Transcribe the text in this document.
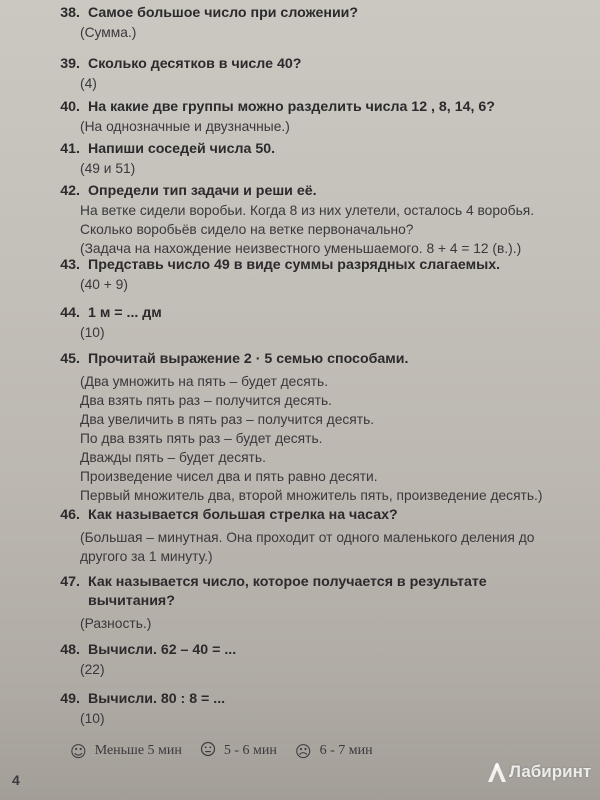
38. Самое большое число при сложении?
(Сумма.)
39. Сколько десятков в числе 40?
(4)
40. На какие две группы можно разделить числа 12 , 8, 14, 6?
(На однозначные и двузначные.)
41. Напиши соседей числа 50.
(49 и 51)
42. Определи тип задачи и реши её.
На ветке сидели воробьи. Когда 8 из них улетели, осталось 4 воробья.
Сколько воробьёв сидело на ветке первоначально?
(Задача на нахождение неизвестного уменьшаемого. 8 + 4 = 12 (в.).)
43. Представь число 49 в виде суммы разрядных слагаемых.
(40 + 9)
44. 1 м = ... дм
(10)
45. Прочитай выражение 2 · 5 семью способами.
(Два умножить на пять – будет десять.
Два взять пять раз – получится десять.
Два увеличить в пять раз – получится десять.
По два взять пять раз – будет десять.
Дважды пять – будет десять.
Произведение чисел два и пять равно десяти.
Первый множитель два, второй множитель пять, произведение десять.)
46. Как называется большая стрелка на часах?
(Большая – минутная. Она проходит от одного маленького деления до
другого за 1 минуту.)
47. Как называется число, которое получается в результате
вычитания?
(Разность.)
48. Вычисли. 62 – 40 = ...
(22)
49. Вычисли. 80 : 8 = ...
(10)
☺ Меньше 5 мин	5 - 6 мин ☹ 6 - 7 мин
4	Лабиринт
